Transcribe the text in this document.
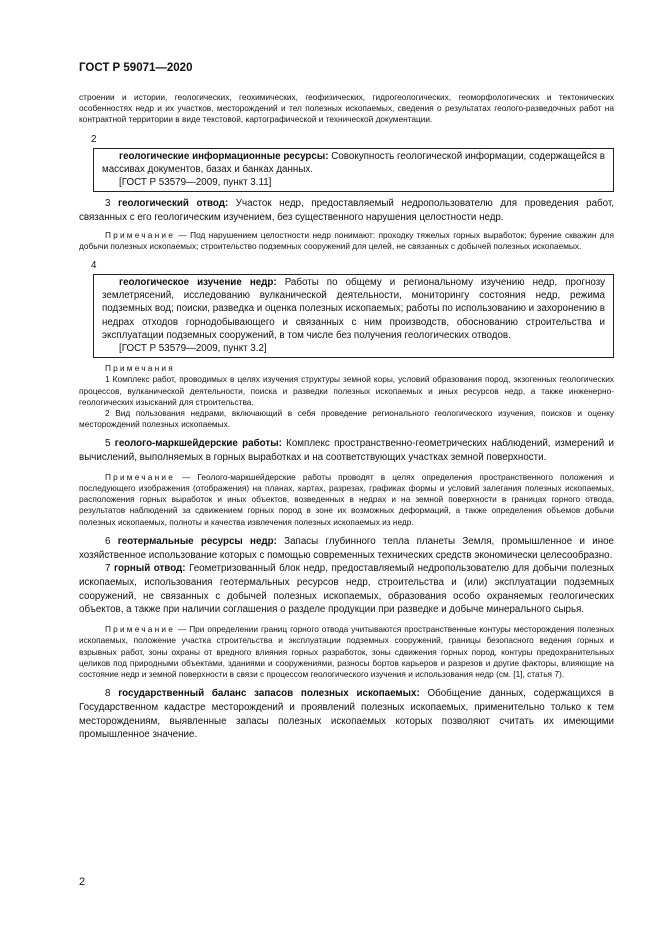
ГОСТ Р 59071—2020

строении и истории, геологических, геохимических, геофизических, гидрогеологических, геоморфологических и тектонических особенностях недр и их участков, месторождений и тел полезных ископаемых, сведения о результатах геолого-разведочных работ на контрактной территории в виде текстовой, картографической и технической документации.

2

геологические информационные ресурсы: Совокупность геологической информации, содержащейся в массивах документов, базах и банках данных.

[ГОСТ Р 53579—2009, пункт 3.11]

3 геологический отвод: Участок недр, предоставляемый недропользователю для проведения работ, связанных с его геологическим изучением, без существенного нарушения целостности недр.

Примечание — Под нарушением целостности недр понимают: проходку тяжелых горных выработок; бурение скважин для добычи полезных ископаемых; строительство подземных сооружений для целей, не связанных с добычей полезных ископаемых.

4

геологическое изучение недр: Работы по общему и региональному изучению недр, прогнозу землетрясений, исследованию вулканической деятельности, мониторингу состояния недр, режима подземных вод; поиски, разведка и оценка полезных ископаемых; работы по использованию и захоронению в недрах отходов горнодобывающего и связанных с ним производств, обоснованию строительства и эксплуатации подземных сооружений, в том числе без получения геологических отводов.

[ГОСТ Р 53579—2009, пункт 3.2]

Примечания

1 Комплекс работ, проводимых в целях изучения структуры земной коры, условий образования пород, экзогенных геологических процессов, вулканической деятельности, поиска и разведки полезных ископаемых и иных ресурсов недр, а также инженерно-геологических изысканий для строительства.

2 Вид пользования недрами, включающий в себя проведение регионального геологического изучения, поисков и оценку месторождений полезных ископаемых.

5 геолого-маркшейдерские работы: Комплекс пространственно-геометрических наблюдений, измерений и вычислений, выполняемых в горных выработках и на соответствующих участках земной поверхности.

Примечание — Геолого-маркшейдерские работы проводят в целях определения пространственного положения и последующего изображения (отображения) на планах, картах, разрезах, графиках формы и условий залегания полезных ископаемых, расположения горных выработок и иных объектов, возведенных в недрах и на земной поверхности в границах горного отвода, результатов наблюдений за сдвижением горных пород в зоне их возможных деформаций, а также определения объемов добычи полезных ископаемых, полноты и качества извлечения полезных ископаемых из недр.

6 геотермальные ресурсы недр: Запасы глубинного тепла планеты Земля, промышленное и иное хозяйственное использование которых с помощью современных технических средств экономически целесообразно.

7 горный отвод: Геометризованный блок недр, предоставляемый недропользователю для добычи полезных ископаемых, использования геотермальных ресурсов недр, строительства и (или) эксплуатации подземных сооружений, не связанных с добычей полезных ископаемых, образования особо охраняемых геологических объектов, а также при наличии соглашения о разделе продукции при разведке и добыче минерального сырья.

Примечание — При определении границ горного отвода учитываются пространственные контуры месторождения полезных ископаемых, положение участка строительства и эксплуатации подземных сооружений, границы безопасного ведения горных и взрывных работ, зоны охраны от вредного влияния горных разработок, зоны сдвижения горных пород, контуры предохранительных целиков под природными объектами, зданиями и сооружениями, разносы бортов карьеров и разрезов и другие факторы, влияющие на состояние недр и земной поверхности в связи с процессом геологического изучения и использования недр (см. [1], статья 7).

8 государственный баланс запасов полезных ископаемых: Обобщение данных, содержащихся в Государственном кадастре месторождений и проявлений полезных ископаемых, применительно только к тем месторождениям, выявленные запасы полезных ископаемых которых позволяют считать их имеющими промышленное значение.

2
